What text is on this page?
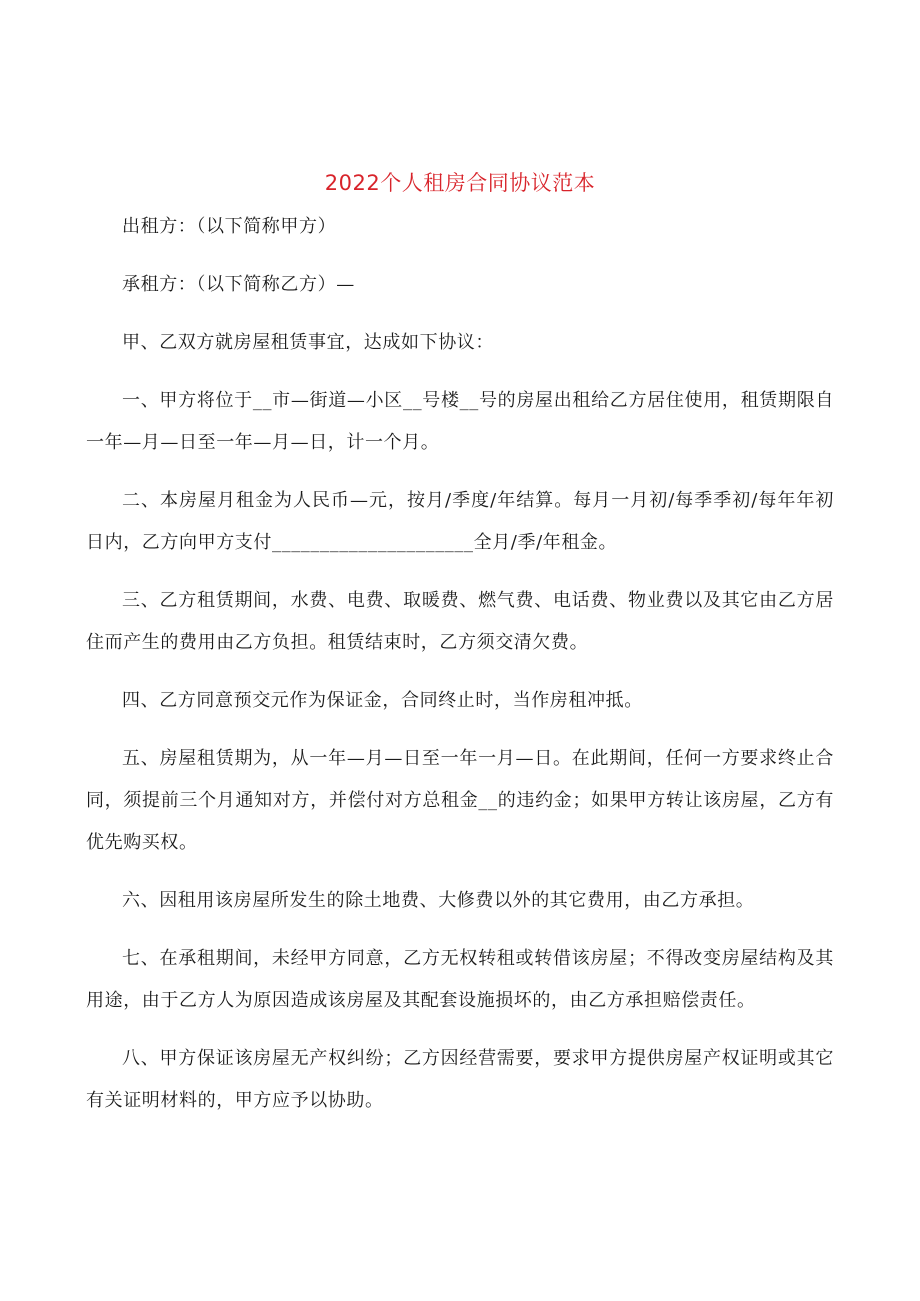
2022个人租房合同协议范本

出租方：（以下简称甲方）

承租方：（以下简称乙方）—

甲、乙双方就房屋租赁事宜，达成如下协议：

一、甲方将位于__市—街道—小区__号楼__号的房屋出租给乙方居住使用，租赁期限自一年—月—日至一年—月—日，计一个月。

二、本房屋月租金为人民币—元，按月/季度/年结算。每月一月初/每季季初/每年年初日内，乙方向甲方支付_____________________全月/季/年租金。

三、乙方租赁期间，水费、电费、取暖费、燃气费、电话费、物业费以及其它由乙方居住而产生的费用由乙方负担。租赁结束时，乙方须交清欠费。

四、乙方同意预交元作为保证金，合同终止时，当作房租冲抵。

五、房屋租赁期为，从一年—月—日至一年一月—日。在此期间，任何一方要求终止合同，须提前三个月通知对方，并偿付对方总租金__的违约金；如果甲方转让该房屋，乙方有优先购买权。

六、因租用该房屋所发生的除土地费、大修费以外的其它费用，由乙方承担。

七、在承租期间，未经甲方同意，乙方无权转租或转借该房屋；不得改变房屋结构及其用途，由于乙方人为原因造成该房屋及其配套设施损坏的，由乙方承担赔偿责任。

八、甲方保证该房屋无产权纠纷；乙方因经营需要，要求甲方提供房屋产权证明或其它有关证明材料的，甲方应予以协助。
